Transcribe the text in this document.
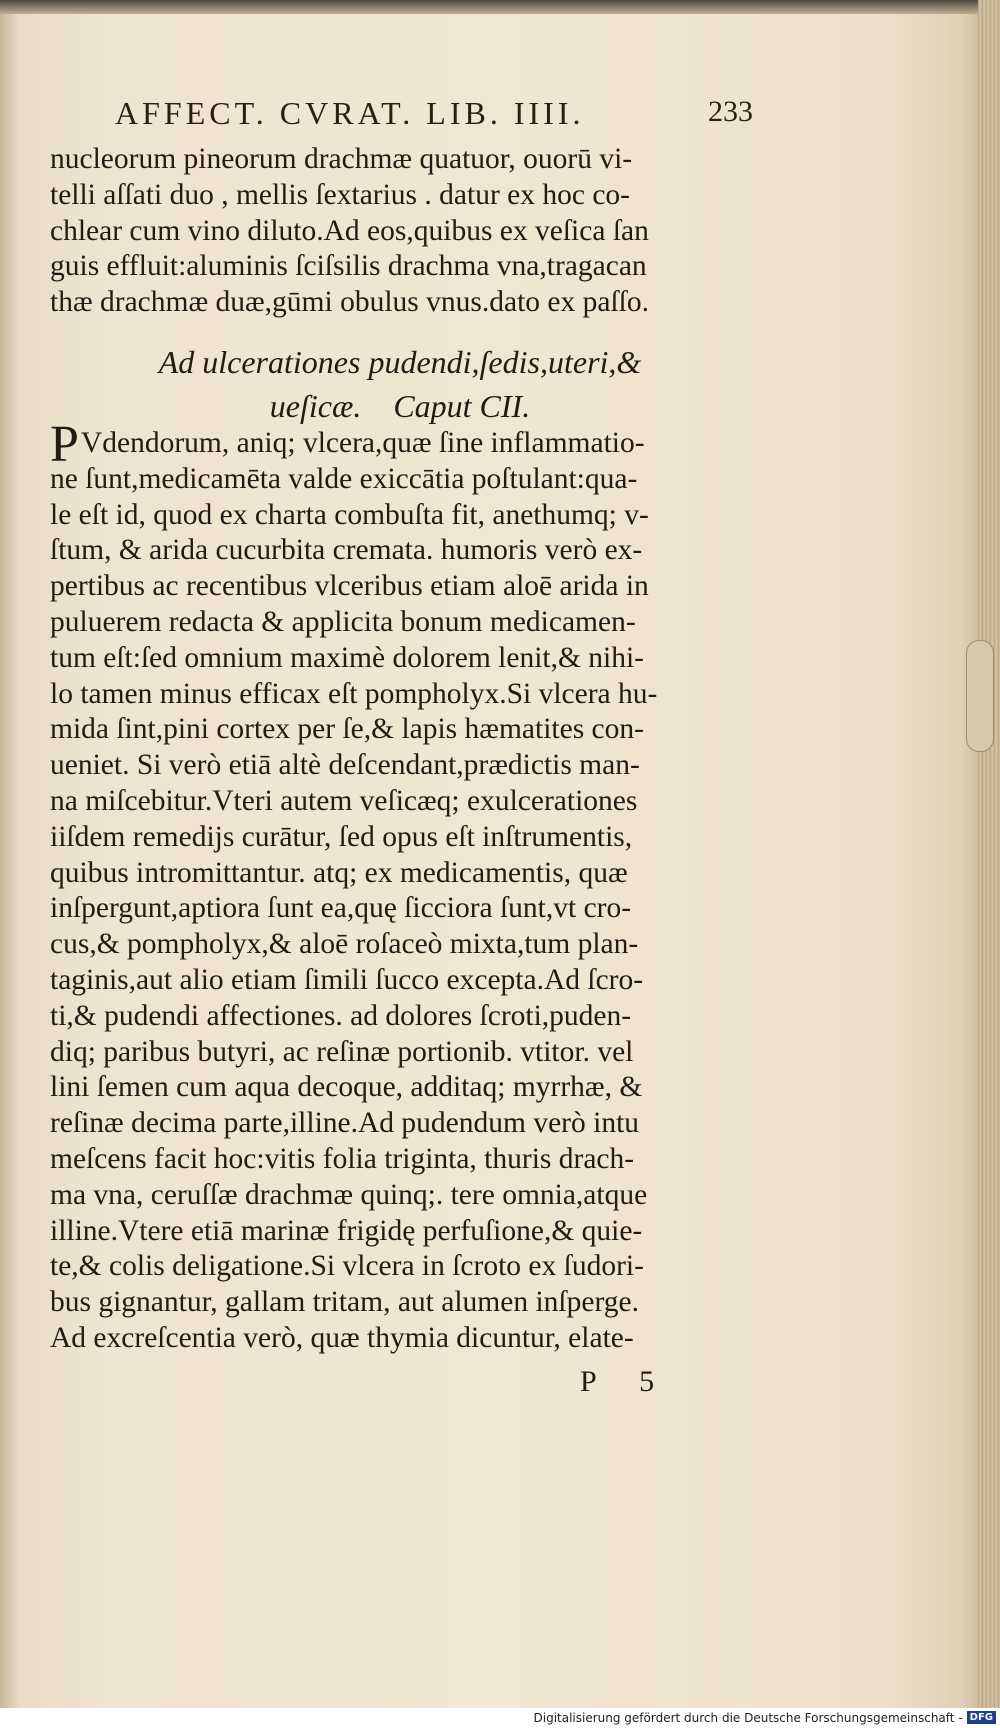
AFFECT. CVRAT. LIB. IIII.	233
nucleorum pineorum drachmæ quatuor, ouorū vi-
telli aſſati duo , mellis ſextarius . datur ex hoc co-
chlear cum vino diluto.Ad eos,quibus ex veſica ſan
guis effluit:aluminis ſciſsilis drachma vna,tragacan
thæ drachmæ duæ,gūmi obulus vnus.dato ex paſſo.
Ad ulcerationes pudendi,ſedis,uteri,&
ueſicæ.    Caput CII.
P Vdendorum, aniq; vlcera,quæ ſine inflammatio-
ne ſunt,medicamēta valde exiccātia poſtulant:qua-
le eſt id, quod ex charta combuſta fit, anethumq; v-
ſtum, & arida cucurbita cremata. humoris verò ex-
pertibus ac recentibus vlceribus etiam aloē arida in
puluerem redacta & applicita bonum medicamen-
tum eſt:ſed omnium maximè dolorem lenit,& nihi-
lo tamen minus efficax eſt pompholyx.Si vlcera hu-
mida ſint,pini cortex per ſe,& lapis hæmatites con-
ueniet. Si verò etiā altè deſcendant,prædictis man-
na miſcebitur.Vteri autem veſicæq; exulcerationes
iiſdem remedijs curātur, ſed opus eſt inſtrumentis,
quibus intromittantur. atq; ex medicamentis, quæ
inſpergunt,aptiora ſunt ea,quę ſicciora ſunt,vt cro-
cus,& pompholyx,& aloē roſaceò mixta,tum plan-
taginis,aut alio etiam ſimili ſucco excepta.Ad ſcro-
ti,& pudendi affectiones. ad dolores ſcroti,puden-
diq; paribus butyri, ac reſinæ portionib. vtitor. vel
lini ſemen cum aqua decoque, additaq; myrrhæ, &
reſinæ decima parte,illine.Ad pudendum verò intu
meſcens facit hoc:vitis folia triginta, thuris drach-
ma vna, ceruſſæ drachmæ quinq;. tere omnia,atque
illine.Vtere etiā marinæ frigidę perfuſione,& quie-
te,& colis deligatione.Si vlcera in ſcroto ex ſudori-
bus gignantur, gallam tritam, aut alumen inſperge.
Ad excreſcentia verò, quæ thymia dicuntur, elate-
P 5
Digitalisierung gefördert durch die Deutsche Forschungsgemeinschaft - DFG
